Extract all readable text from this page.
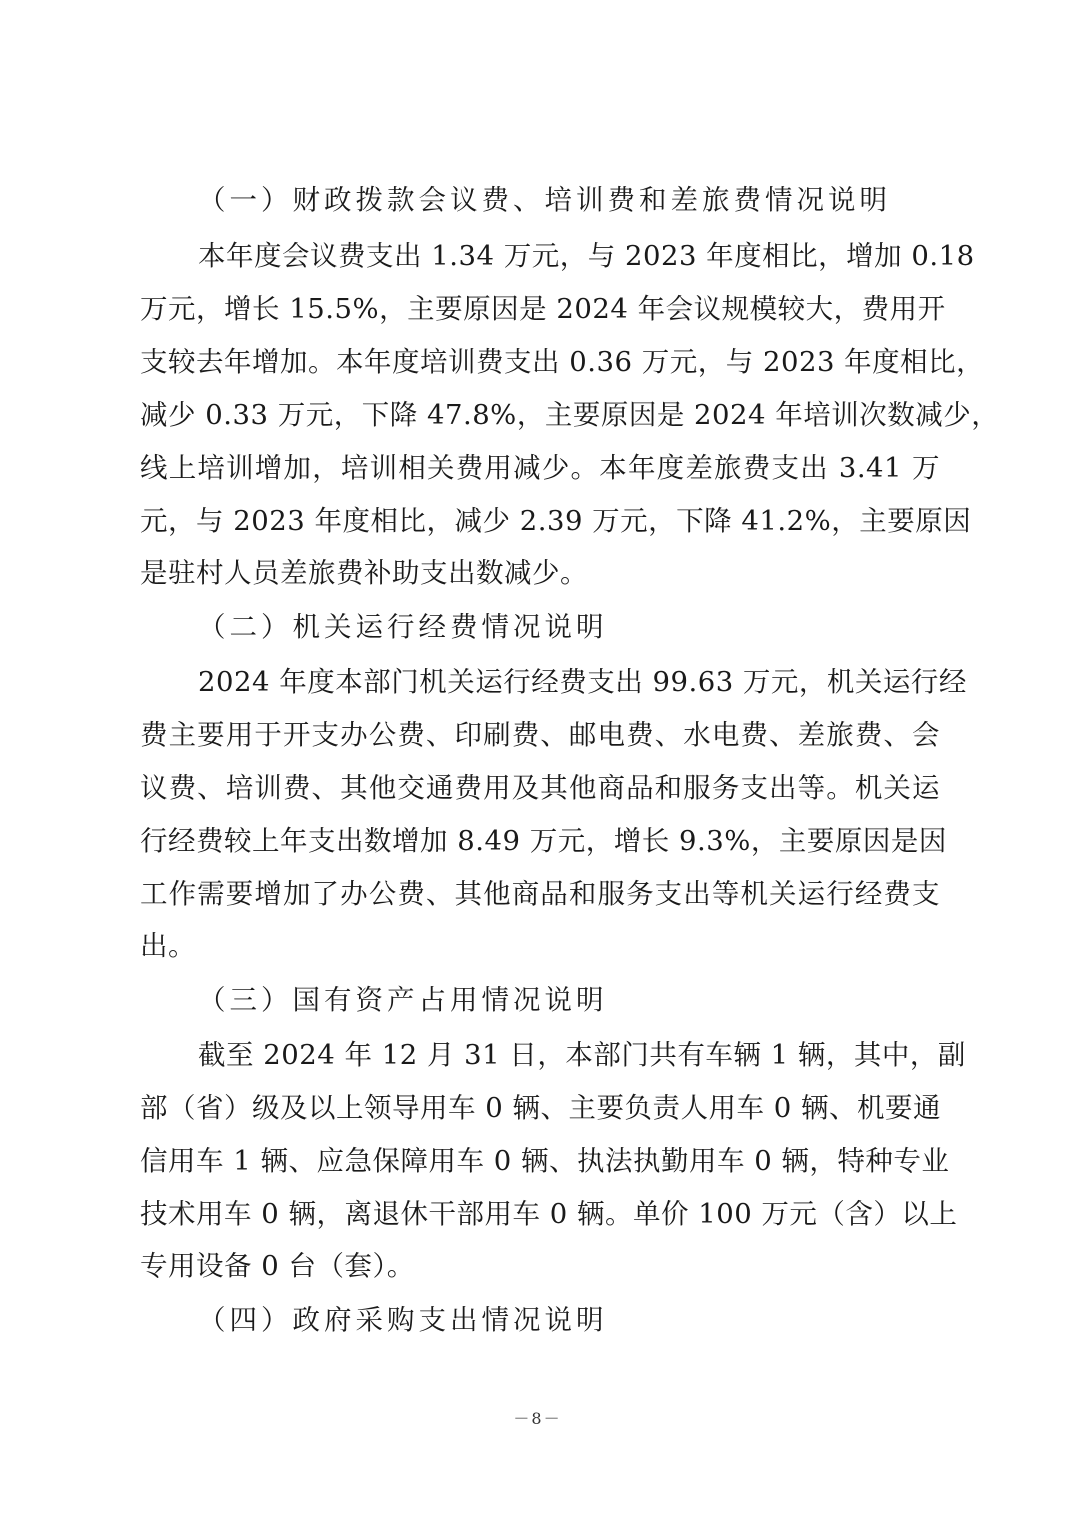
（一）财政拨款会议费、培训费和差旅费情况说明
本年度会议费支出 1.34 万元，与 2023 年度相比，增加 0.18
万元，增长 15.5%，主要原因是 2024 年会议规模较大，费用开
支较去年增加。本年度培训费支出 0.36 万元，与 2023 年度相比，
减少 0.33 万元，下降 47.8%，主要原因是 2024 年培训次数减少，
线上培训增加，培训相关费用减少。本年度差旅费支出 3.41 万
元，与 2023 年度相比，减少 2.39 万元，下降 41.2%，主要原因
是驻村人员差旅费补助支出数减少。
（二）机关运行经费情况说明
2024 年度本部门机关运行经费支出 99.63 万元，机关运行经
费主要用于开支办公费、印刷费、邮电费、水电费、差旅费、会
议费、培训费、其他交通费用及其他商品和服务支出等。机关运
行经费较上年支出数增加 8.49 万元，增长 9.3%，主要原因是因
工作需要增加了办公费、其他商品和服务支出等机关运行经费支
出。
（三）国有资产占用情况说明
截至 2024 年 12 月 31 日，本部门共有车辆 1 辆，其中，副
部（省）级及以上领导用车 0 辆、主要负责人用车 0 辆、机要通
信用车 1 辆、应急保障用车 0 辆、执法执勤用车 0 辆，特种专业
技术用车 0 辆，离退休干部用车 0 辆。单价 100 万元（含）以上
专用设备 0 台（套）。
（四）政府采购支出情况说明
－8－
